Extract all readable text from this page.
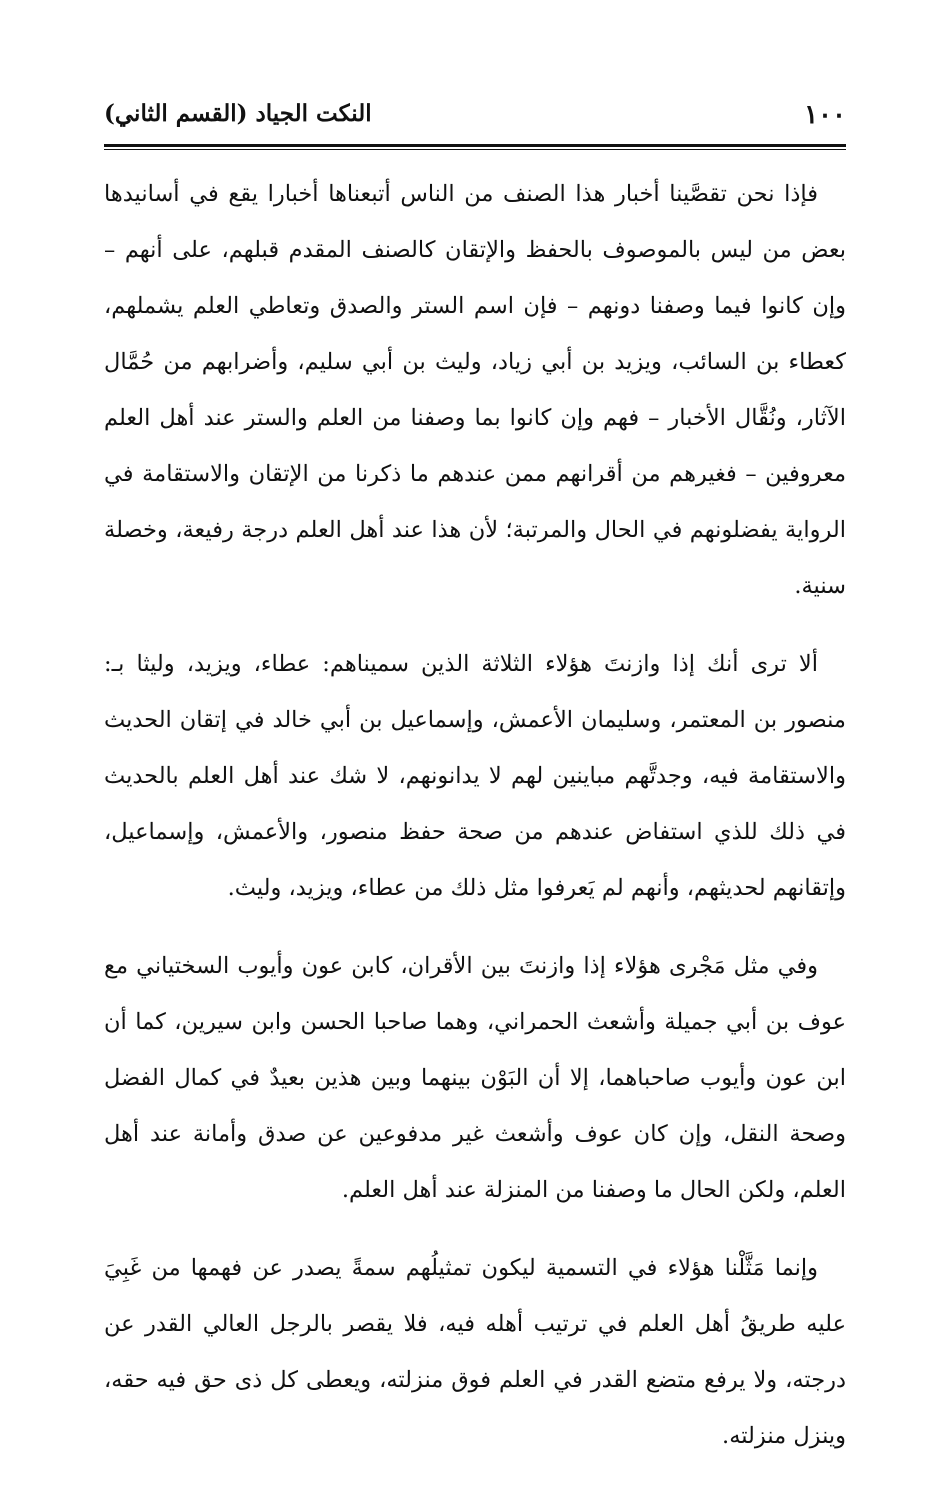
١٠٠
النكت الجياد (القسم الثاني)

فإذا نحن تقصَّينا أخبار هذا الصنف من الناس أتبعناها أخبارا يقع في أسانيدها بعض من ليس بالموصوف بالحفظ والإتقان كالصنف المقدم قبلهم، على أنهم – وإن كانوا فيما وصفنا دونهم – فإن اسم الستر والصدق وتعاطي العلم يشملهم، كعطاء بن السائب، ويزيد بن أبي زياد، وليث بن أبي سليم، وأضرابهم من حُمَّال الآثار، ونُقَّال الأخبار – فهم وإن كانوا بما وصفنا من العلم والستر عند أهل العلم معروفين – فغيرهم من أقرانهم ممن عندهم ما ذكرنا من الإتقان والاستقامة في الرواية يفضلونهم في الحال والمرتبة؛ لأن هذا عند أهل العلم درجة رفيعة، وخصلة سنية.

ألا ترى أنك إذا وازنتَ هؤلاء الثلاثة الذين سميناهم: عطاء، ويزيد، وليثا بـ: منصور بن المعتمر، وسليمان الأعمش، وإسماعيل بن أبي خالد في إتقان الحديث والاستقامة فيه، وجدتَّهم مباينين لهم لا يدانونهم، لا شك عند أهل العلم بالحديث في ذلك للذي استفاض عندهم من صحة حفظ منصور، والأعمش، وإسماعيل، وإتقانهم لحديثهم، وأنهم لم يَعرفوا مثل ذلك من عطاء، ويزيد، وليث.

وفي مثل مَجْرى هؤلاء إذا وازنتَ بين الأقران، كابن عون وأيوب السختياني مع عوف بن أبي جميلة وأشعث الحمراني، وهما صاحبا الحسن وابن سيرين، كما أن ابن عون وأيوب صاحباهما، إلا أن البَوْن بينهما وبين هذين بعيدٌ في كمال الفضل وصحة النقل، وإن كان عوف وأشعث غير مدفوعين عن صدق وأمانة عند أهل العلم، ولكن الحال ما وصفنا من المنزلة عند أهل العلم.

وإنما مَثَّلْنا هؤلاء في التسمية ليكون تمثيلُهم سمةً يصدر عن فهمها من غَبِيَ عليه طريقُ أهل العلم في ترتيب أهله فيه، فلا يقصر بالرجل العالي القدر عن درجته، ولا يرفع متضع القدر في العلم فوق منزلته، ويعطى كل ذى حق فيه حقه، وينزل منزلته.
